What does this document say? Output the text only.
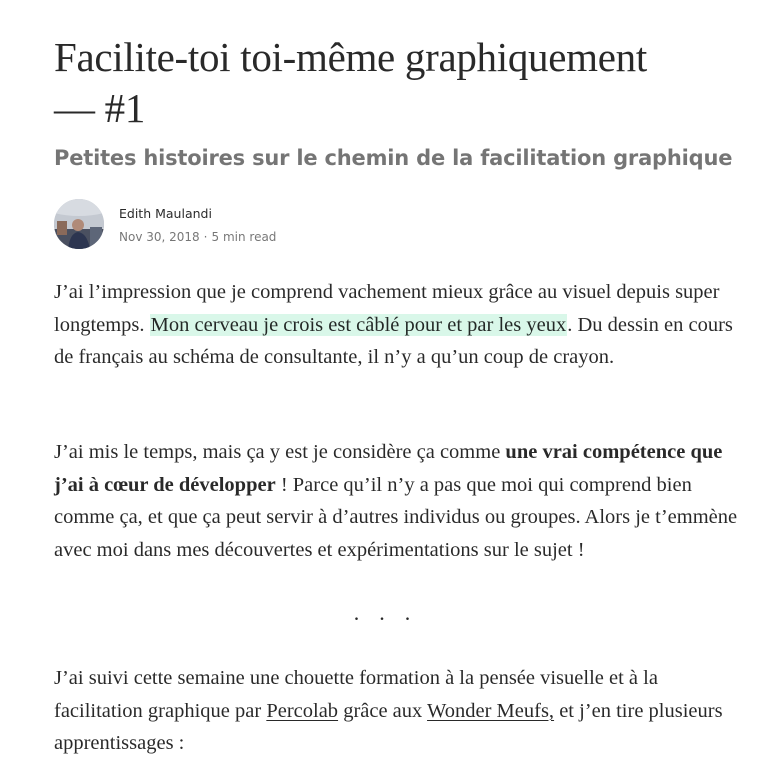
Facilite-toi toi-même graphiquement
— #1
Petites histoires sur le chemin de la facilitation graphique
Edith Maulandi
Nov 30, 2018 · 5 min read

J’ai l’impression que je comprend vachement mieux grâce au visuel depuis super longtemps. Mon cerveau je crois est câblé pour et par les yeux. Du dessin en cours de français au schéma de consultante, il n’y a qu’un coup de crayon.

J’ai mis le temps, mais ça y est je considère ça comme une vrai compétence que j’ai à cœur de développer ! Parce qu’il n’y a pas que moi qui comprend bien comme ça, et que ça peut servir à d’autres individus ou groupes. Alors je t’emmène avec moi dans mes découvertes et expérimentations sur le sujet !

...

J’ai suivi cette semaine une chouette formation à la pensée visuelle et à la facilitation graphique par Percolab grâce aux Wonder Meufs, et j’en tire plusieurs apprentissages :
